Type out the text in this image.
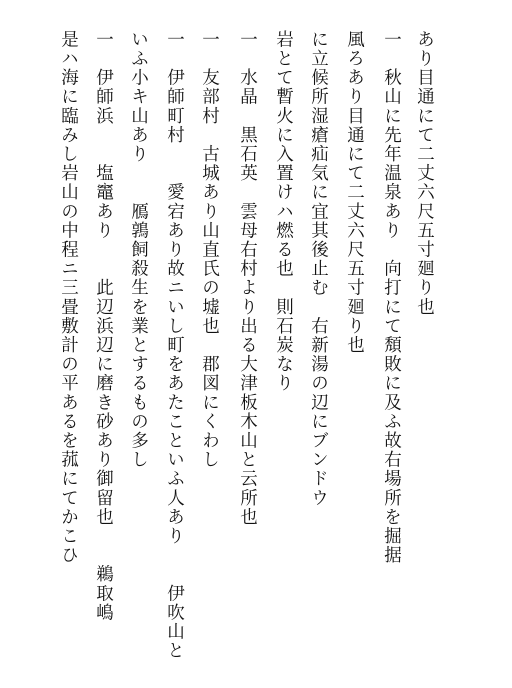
あり目通にて二丈六尺五寸廻り也
一　秋山に先年温泉あり　向打にて頽敗に及ふ故右場所を掘据
風ろあり目通にて二丈六尺五寸廻り也
に立候所湿瘡疝気に宜其後止む　右新湯の辺にブンドウ
岩とて暫火に入置けハ燃る也　則石炭なり
一　水晶　黒石英　雲母右村より出る大津板木山と云所也
一　友部村　古城あり山直氏の墟也　郡図にくわし
一　伊師町村　　愛宕あり故ニいし町をあたこといふ人あり　　伊吹山と
いふ小キ山あり　　鴈鶉飼殺生を業とするもの多し
一　伊師浜　　塩竈あり　　此辺浜辺に磨き砂あり御留也　　鵜取嶋
是ハ海に臨みし岩山の中程ニ三畳敷計の平あるを菰にてかこひ
